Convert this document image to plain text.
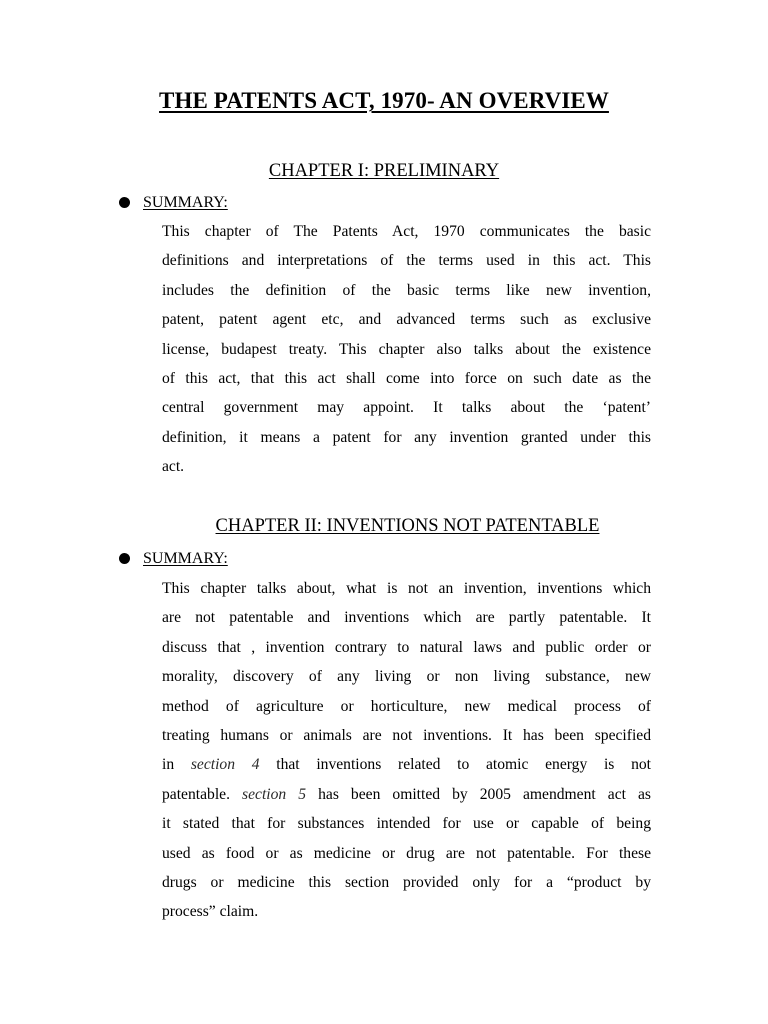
THE PATENTS ACT, 1970- AN OVERVIEW
CHAPTER I: PRELIMINARY
SUMMARY:
This chapter of The Patents Act, 1970 communicates the basic
definitions and interpretations of the terms used in this act. This
includes the definition of the basic terms like new invention,
patent, patent agent etc, and advanced terms such as exclusive
license, budapest treaty. This chapter also talks about the existence
of this act, that this act shall come into force on such date as the
central government may appoint. It talks about the ‘patent’
definition, it means a patent for any invention granted under this
act.
CHAPTER II: INVENTIONS NOT PATENTABLE
SUMMARY:
This chapter talks about, what is not an invention, inventions which
are not patentable and inventions which are partly patentable. It
discuss that , invention contrary to natural laws and public order or
morality, discovery of any living or non living substance, new
method of agriculture or horticulture, new medical process of
treating humans or animals are not inventions. It has been specified
in section 4 that inventions related to atomic energy is not
patentable. section 5 has been omitted by 2005 amendment act as
it stated that for substances intended for use or capable of being
used as food or as medicine or drug are not patentable. For these
drugs or medicine this section provided only for a “product by
process” claim.
